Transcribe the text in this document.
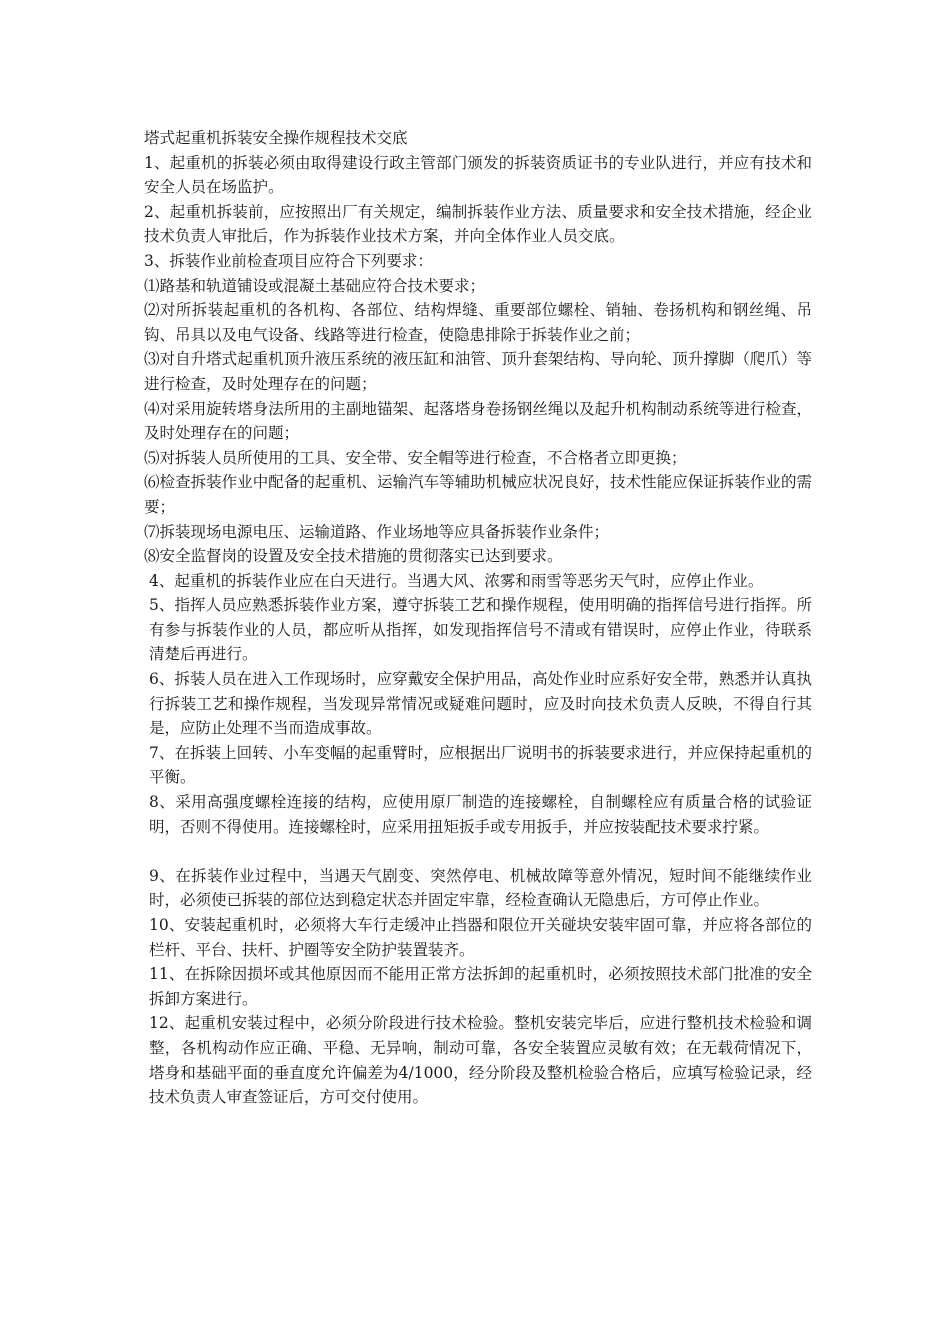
塔式起重机拆装安全操作规程技术交底

1、起重机的拆装必须由取得建设行政主管部门颁发的拆装资质证书的专业队进行，并应有技术和安全人员在场监护。

2、起重机拆装前，应按照出厂有关规定，编制拆装作业方法、质量要求和安全技术措施，经企业技术负责人审批后，作为拆装作业技术方案，并向全体作业人员交底。

3、拆装作业前检查项目应符合下列要求：

⑴路基和轨道铺设或混凝土基础应符合技术要求；

⑵对所拆装起重机的各机构、各部位、结构焊缝、重要部位螺栓、销轴、卷扬机构和钢丝绳、吊钩、吊具以及电气设备、线路等进行检查，使隐患排除于拆装作业之前；

⑶对自升塔式起重机顶升液压系统的液压缸和油管、顶升套架结构、导向轮、顶升撑脚（爬爪）等进行检查，及时处理存在的问题；

⑷对采用旋转塔身法所用的主副地锚架、起落塔身卷扬钢丝绳以及起升机构制动系统等进行检查，及时处理存在的问题；

⑸对拆装人员所使用的工具、安全带、安全帽等进行检查，不合格者立即更换；

⑹检查拆装作业中配备的起重机、运输汽车等辅助机械应状况良好，技术性能应保证拆装作业的需要；

⑺拆装现场电源电压、运输道路、作业场地等应具备拆装作业条件；

⑻安全监督岗的设置及安全技术措施的贯彻落实已达到要求。

4、起重机的拆装作业应在白天进行。当遇大风、浓雾和雨雪等恶劣天气时，应停止作业。

5、指挥人员应熟悉拆装作业方案，遵守拆装工艺和操作规程，使用明确的指挥信号进行指挥。所有参与拆装作业的人员，都应听从指挥，如发现指挥信号不清或有错误时，应停止作业，待联系清楚后再进行。

6、拆装人员在进入工作现场时，应穿戴安全保护用品，高处作业时应系好安全带，熟悉并认真执行拆装工艺和操作规程，当发现异常情况或疑难问题时，应及时向技术负责人反映，不得自行其是，应防止处理不当而造成事故。

7、在拆装上回转、小车变幅的起重臂时，应根据出厂说明书的拆装要求进行，并应保持起重机的平衡。

8、采用高强度螺栓连接的结构，应使用原厂制造的连接螺栓，自制螺栓应有质量合格的试验证明，否则不得使用。连接螺栓时，应采用扭矩扳手或专用扳手，并应按装配技术要求拧紧。

9、在拆装作业过程中，当遇天气剧变、突然停电、机械故障等意外情况，短时间不能继续作业时，必须使已拆装的部位达到稳定状态并固定牢靠，经检查确认无隐患后，方可停止作业。

10、安装起重机时，必须将大车行走缓冲止挡器和限位开关碰块安装牢固可靠，并应将各部位的栏杆、平台、扶杆、护圈等安全防护装置装齐。

11、在拆除因损坏或其他原因而不能用正常方法拆卸的起重机时，必须按照技术部门批准的安全拆卸方案进行。

12、起重机安装过程中，必须分阶段进行技术检验。整机安装完毕后，应进行整机技术检验和调整，各机构动作应正确、平稳、无异响，制动可靠，各安全装置应灵敏有效；在无载荷情况下，塔身和基础平面的垂直度允许偏差为4/1000，经分阶段及整机检验合格后，应填写检验记录，经技术负责人审查签证后，方可交付使用。
